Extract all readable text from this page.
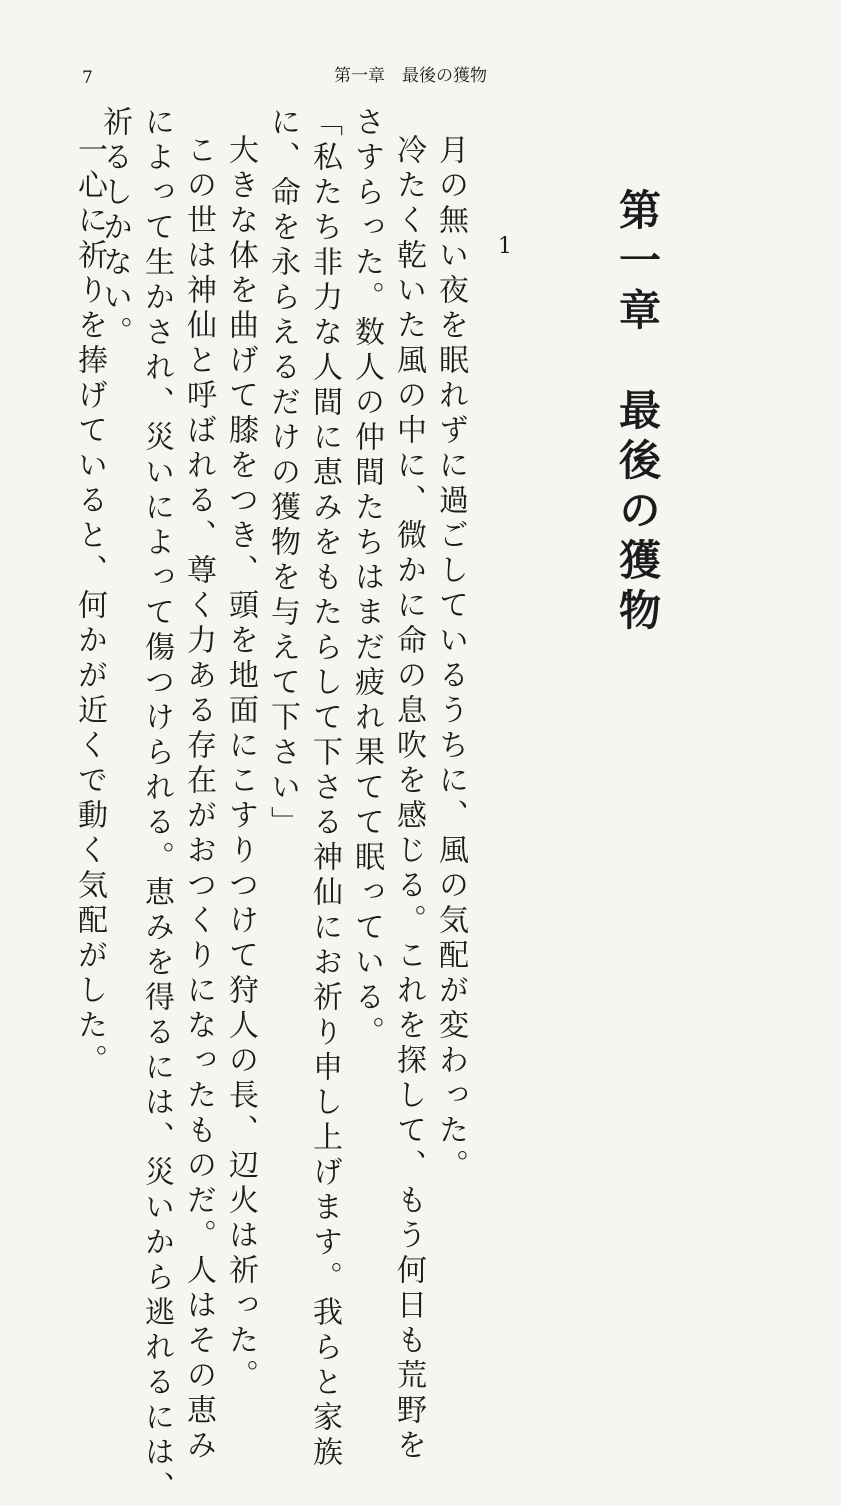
7	第一章　最後の獲物
第一章　最後の獲物
1
月の無い夜を眠れずに過ごしているうちに、風の気配が変わった。
冷たく乾いた風の中に、微かに命の息吹を感じる。これを探して、もう何日も荒野を
さすらった。数人の仲間たちはまだ疲れ果てて眠っている。
「私たち非力な人間に恵みをもたらして下さる神仙にお祈り申し上げます。我らと家族
に、命を永らえるだけの獲物を与えて下さい」
大きな体を曲げて膝をつき、頭を地面にこすりつけて狩人の長、辺火は祈った。
この世は神仙と呼ばれる、尊く力ある存在がおつくりになったものだ。人はその恵み
によって生かされ、災いによって傷つけられる。恵みを得るには、災いから逃れるには、
祈るしかない。
一心に祈りを捧げていると、何かが近くで動く気配がした。
